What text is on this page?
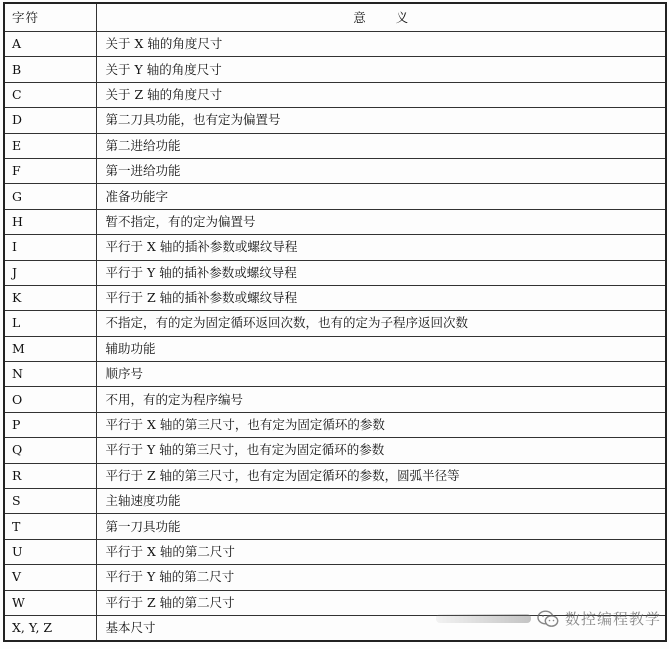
字符	意义
A	关于 X 轴的角度尺寸
B	关于 Y 轴的角度尺寸
C	关于 Z 轴的角度尺寸
D	第二刀具功能，也有定为偏置号
E	第二进给功能
F	第一进给功能
G	准备功能字
H	暂不指定，有的定为偏置号
I	平行于 X 轴的插补参数或螺纹导程
J	平行于 Y 轴的插补参数或螺纹导程
K	平行于 Z 轴的插补参数或螺纹导程
L	不指定，有的定为固定循环返回次数，也有的定为子程序返回次数
M	辅助功能
N	顺序号
O	不用，有的定为程序编号
P	平行于 X 轴的第三尺寸，也有定为固定循环的参数
Q	平行于 Y 轴的第三尺寸，也有定为固定循环的参数
R	平行于 Z 轴的第三尺寸，也有定为固定循环的参数，圆弧半径等
S	主轴速度功能
T	第一刀具功能
U	平行于 X 轴的第二尺寸
V	平行于 Y 轴的第二尺寸
W	平行于 Z 轴的第二尺寸
X, Y, Z	基本尺寸	数控编程教学
